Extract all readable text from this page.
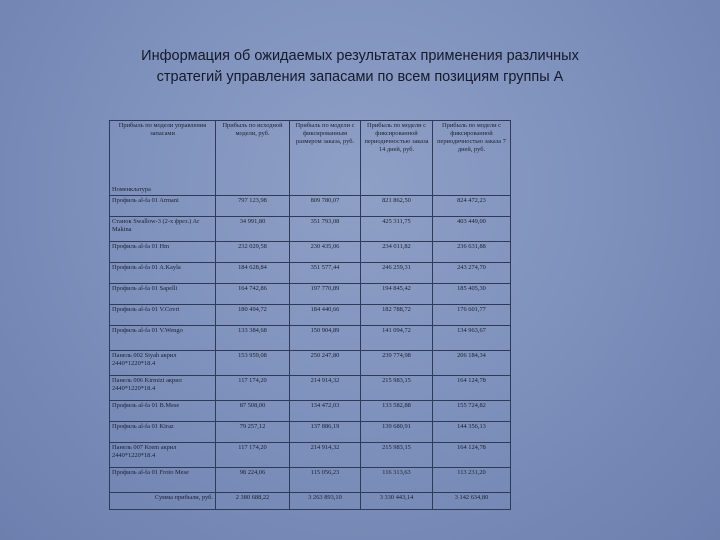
Информация об ожидаемых результатах применения различных
стратегий управления запасами по всем позициям группы А
Прибыль по модели управления запасами
Номенклатура	Прибыль по исходной модели, руб.	Прибыль по модели с фиксированным размером заказа, руб.	Прибыль по модели с фиксированной периодичностью заказа 14 дней, руб.	Прибыль по модели с фиксированной периодичностью заказа 7 дней, руб.
Профиль al-fa 01 Armani	797 123,98	809 780,07	821 862,50	824 472,23
Станок Swallow-3 (2-х фрез.) Ar Makina	34 991,80	351 793,08	425 311,75	403 449,00
Профиль al-fa 01 Hm	232 029,58	230 435,06	234 011,82	236 631,88
Профиль al-fa 01 A.Kayla	184 628,84	351 577,44	246 259,31	243 274,70
Профиль al-fa 01 Sapelli	164 742,86	197 770,89	194 845,42	185 405,30
Профиль al-fa 01 V.Covri	180 494,72	184 440,66	182 788,72	176 601,77
Профиль al-fa 01 V.Wengo	133 384,68	150 904,89	141 094,72	134 963,67
Панель 002 Siyah акрил 2440*1220*18.4	153 959,08	250 247,80	239 774,98	206 184,34
Панель 006 Kirmizi акрил 2440*1220*18.4	117 174,20	214 914,32	215 983,15	164 124,78
Профиль al-fa 01 B.Mese	87 508,00	134 472,03	133 582,88	155 724,82
Профиль al-fa 01 Kiraz	79 257,12	137 886,19	139 680,91	144 356,13
Панель 007 Krem акрил 2440*1220*18.4	117 174,20	214 914,32	215 983,15	164 124,78
Профиль al-fa 01 Froto Mese	98 224,06	115 056,23	116 313,63	113 231,20
Сумма прибыли, руб.	2 380 688,22	3 263 893,10	3 330 443,14	3 142 634,80
